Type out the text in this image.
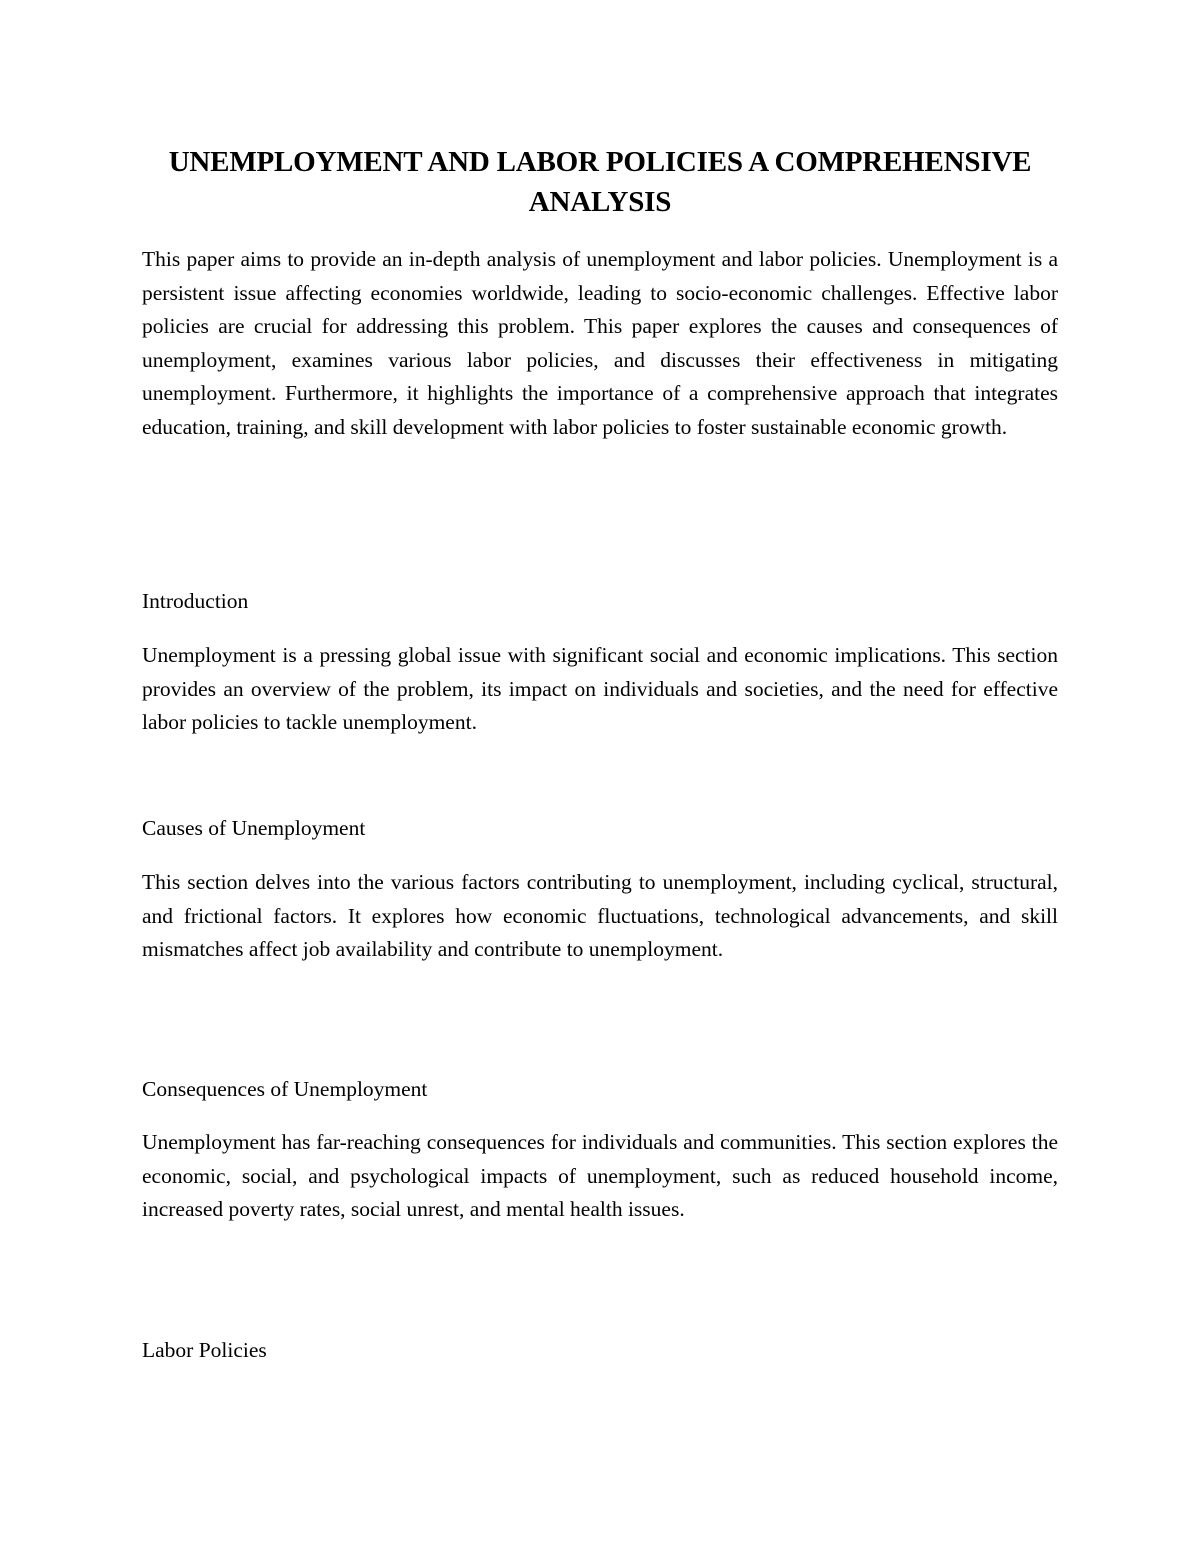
UNEMPLOYMENT AND LABOR POLICIES A COMPREHENSIVE ANALYSIS

This paper aims to provide an in-depth analysis of unemployment and labor policies. Unemployment is a persistent issue affecting economies worldwide, leading to socio-economic challenges. Effective labor policies are crucial for addressing this problem. This paper explores the causes and consequences of unemployment, examines various labor policies, and discusses their effectiveness in mitigating unemployment. Furthermore, it highlights the importance of a comprehensive approach that integrates education, training, and skill development with labor policies to foster sustainable economic growth.

Introduction

Unemployment is a pressing global issue with significant social and economic implications. This section provides an overview of the problem, its impact on individuals and societies, and the need for effective labor policies to tackle unemployment.

Causes of Unemployment

This section delves into the various factors contributing to unemployment, including cyclical, structural, and frictional factors. It explores how economic fluctuations, technological advancements, and skill mismatches affect job availability and contribute to unemployment.

Consequences of Unemployment

Unemployment has far-reaching consequences for individuals and communities. This section explores the economic, social, and psychological impacts of unemployment, such as reduced household income, increased poverty rates, social unrest, and mental health issues.

Labor Policies
